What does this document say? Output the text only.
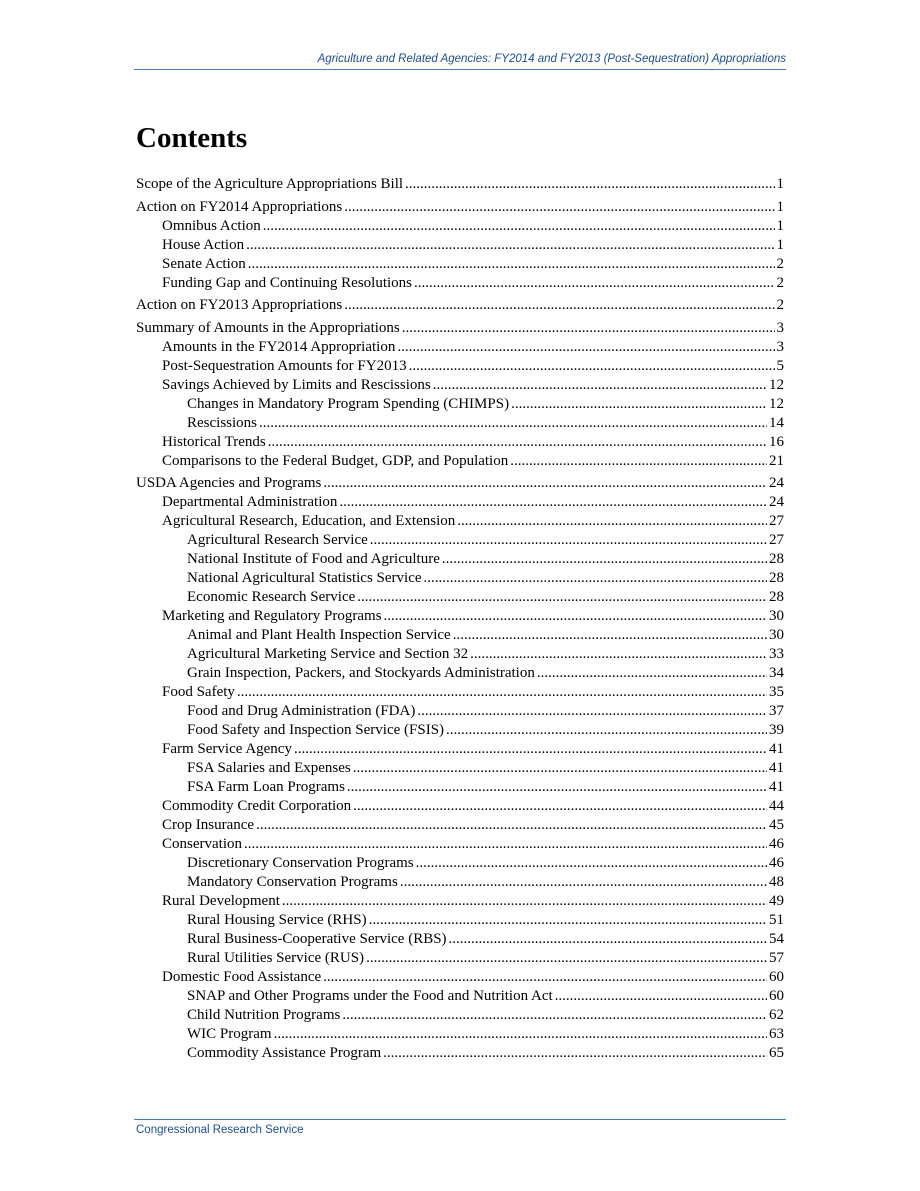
Agriculture and Related Agencies: FY2014 and FY2013 (Post-Sequestration) Appropriations
Contents
Scope of the Agriculture Appropriations Bill .....	1
Action on FY2014 Appropriations .....	1
Omnibus Action .....	1
House Action .....	1
Senate Action .....	2
Funding Gap and Continuing Resolutions .....	2
Action on FY2013 Appropriations .....	2
Summary of Amounts in the Appropriations .....	3
Amounts in the FY2014 Appropriation .....	3
Post-Sequestration Amounts for FY2013 .....	5
Savings Achieved by Limits and Rescissions .....	12
Changes in Mandatory Program Spending (CHIMPS) .....	12
Rescissions .....	14
Historical Trends .....	16
Comparisons to the Federal Budget, GDP, and Population .....	21
USDA Agencies and Programs .....	24
Departmental Administration .....	24
Agricultural Research, Education, and Extension .....	27
Agricultural Research Service .....	27
National Institute of Food and Agriculture .....	28
National Agricultural Statistics Service .....	28
Economic Research Service .....	28
Marketing and Regulatory Programs .....	30
Animal and Plant Health Inspection Service .....	30
Agricultural Marketing Service and Section 32 .....	33
Grain Inspection, Packers, and Stockyards Administration .....	34
Food Safety .....	35
Food and Drug Administration (FDA) .....	37
Food Safety and Inspection Service (FSIS) .....	39
Farm Service Agency .....	41
FSA Salaries and Expenses .....	41
FSA Farm Loan Programs .....	41
Commodity Credit Corporation .....	44
Crop Insurance .....	45
Conservation .....	46
Discretionary Conservation Programs .....	46
Mandatory Conservation Programs .....	48
Rural Development .....	49
Rural Housing Service (RHS) .....	51
Rural Business-Cooperative Service (RBS) .....	54
Rural Utilities Service (RUS) .....	57
Domestic Food Assistance .....	60
SNAP and Other Programs under the Food and Nutrition Act .....	60
Child Nutrition Programs .....	62
WIC Program .....	63
Commodity Assistance Program .....	65
Congressional Research Service
